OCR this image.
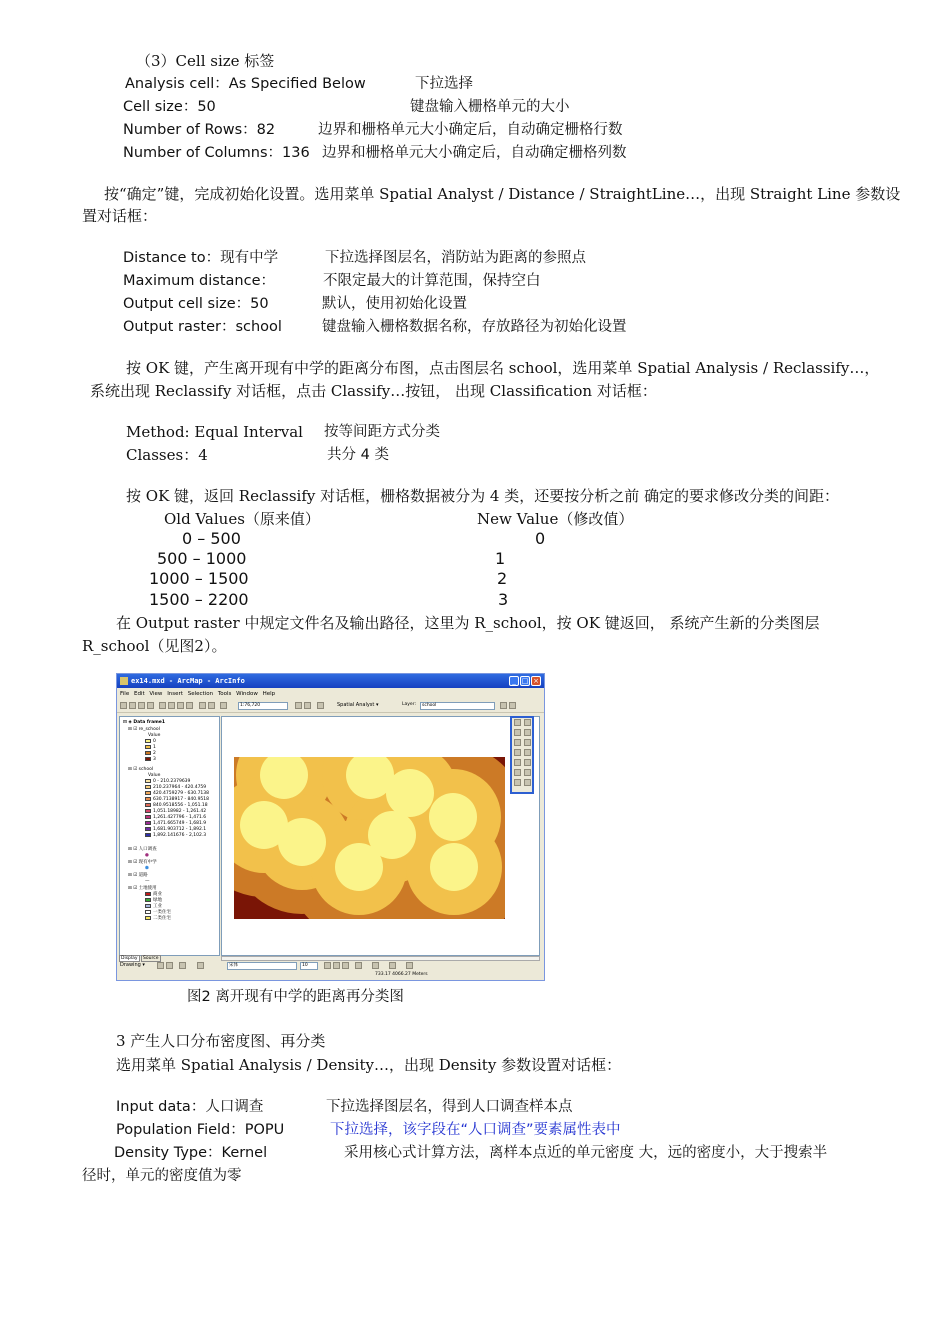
（3）Cell size 标签
Analysis cell：As Specified Below	下拉选择
Cell size：50	键盘输入栅格单元的大小
Number of Rows：82	边界和栅格单元大小确定后，自动确定栅格行数
Number of Columns：136 边界和栅格单元大小确定后，自动确定栅格列数
按“确定”键，完成初始化设置。选用菜单 Spatial Analyst / Distance / StraightLine…，出现 Straight Line 参数设
置对话框：
Distance to：现有中学	下拉选择图层名，消防站为距离的参照点
Maximum distance：	不限定最大的计算范围，保持空白
Output cell size：50	默认，使用初始化设置
Output raster：school	键盘输入栅格数据名称，存放路径为初始化设置
按 OK 键，产生离开现有中学的距离分布图，点击图层名 school，选用菜单 Spatial Analysis / Reclassify…，
系统出现 Reclassify 对话框，点击 Classify…按钮， 出现 Classification 对话框：
Method: Equal Interval 按等间距方式分类
Classes：4	共分 4 类
按 OK 键，返回 Reclassify 对话框，栅格数据被分为 4 类，还要按分析之前 确定的要求修改分类的间距：
Old Values（原来值）	New Value（修改值）
0 – 500	0
500 – 1000	1
1000 – 1500	2
1500 – 2200	3
在 Output raster 中规定文件名及输出路径，这里为 R_school，按 OK 键返回， 系统产生新的分类图层
R_school（见图2）。
ex14.mxd - ArcMap - ArcInfo	_ □ ×
File Edit View Insert Selection Tools Window Help
1:76,720	Spatial Analyst ▾	Layer:	school
⊟ ◈ Data frame1
⊟ ☑ re_school
Value
0
1
2
3
⊟ ☑ school
Value
0 - 210.2379639
210.237964 - 420.4759
420.4759279 - 630.7138
630.7138917 - 840.9518
840.9518556 - 1,051.18
1,051.18982 - 1,261.42
1,261.427796 - 1,471.6
1,471.665749 - 1,681.9
1,681.903712 - 1,892.1
1,892.141676 - 2,102.3
⊟ ☑ 人口调查
●
⊟ ☑ 现有中学
⬢
⊟ ☑ 道路
—
⊟ ☑ 土地使用
商业
绿地
工业
一类住宅
二类住宅

Display Source
Drawing ▾	宋体	10
733.17 4066.27 Meters
图2 离开现有中学的距离再分类图
3 产生人口分布密度图、再分类
选用菜单 Spatial Analysis / Density…，出现 Density 参数设置对话框：
Input data：人口调查	下拉选择图层名，得到人口调查样本点
Population Field：POPU	下拉选择，该字段在“人口调查”要素属性表中
Density Type：Kernel	采用核心式计算方法，离样本点近的单元密度 大，远的密度小，大于搜索半
径时，单元的密度值为零
